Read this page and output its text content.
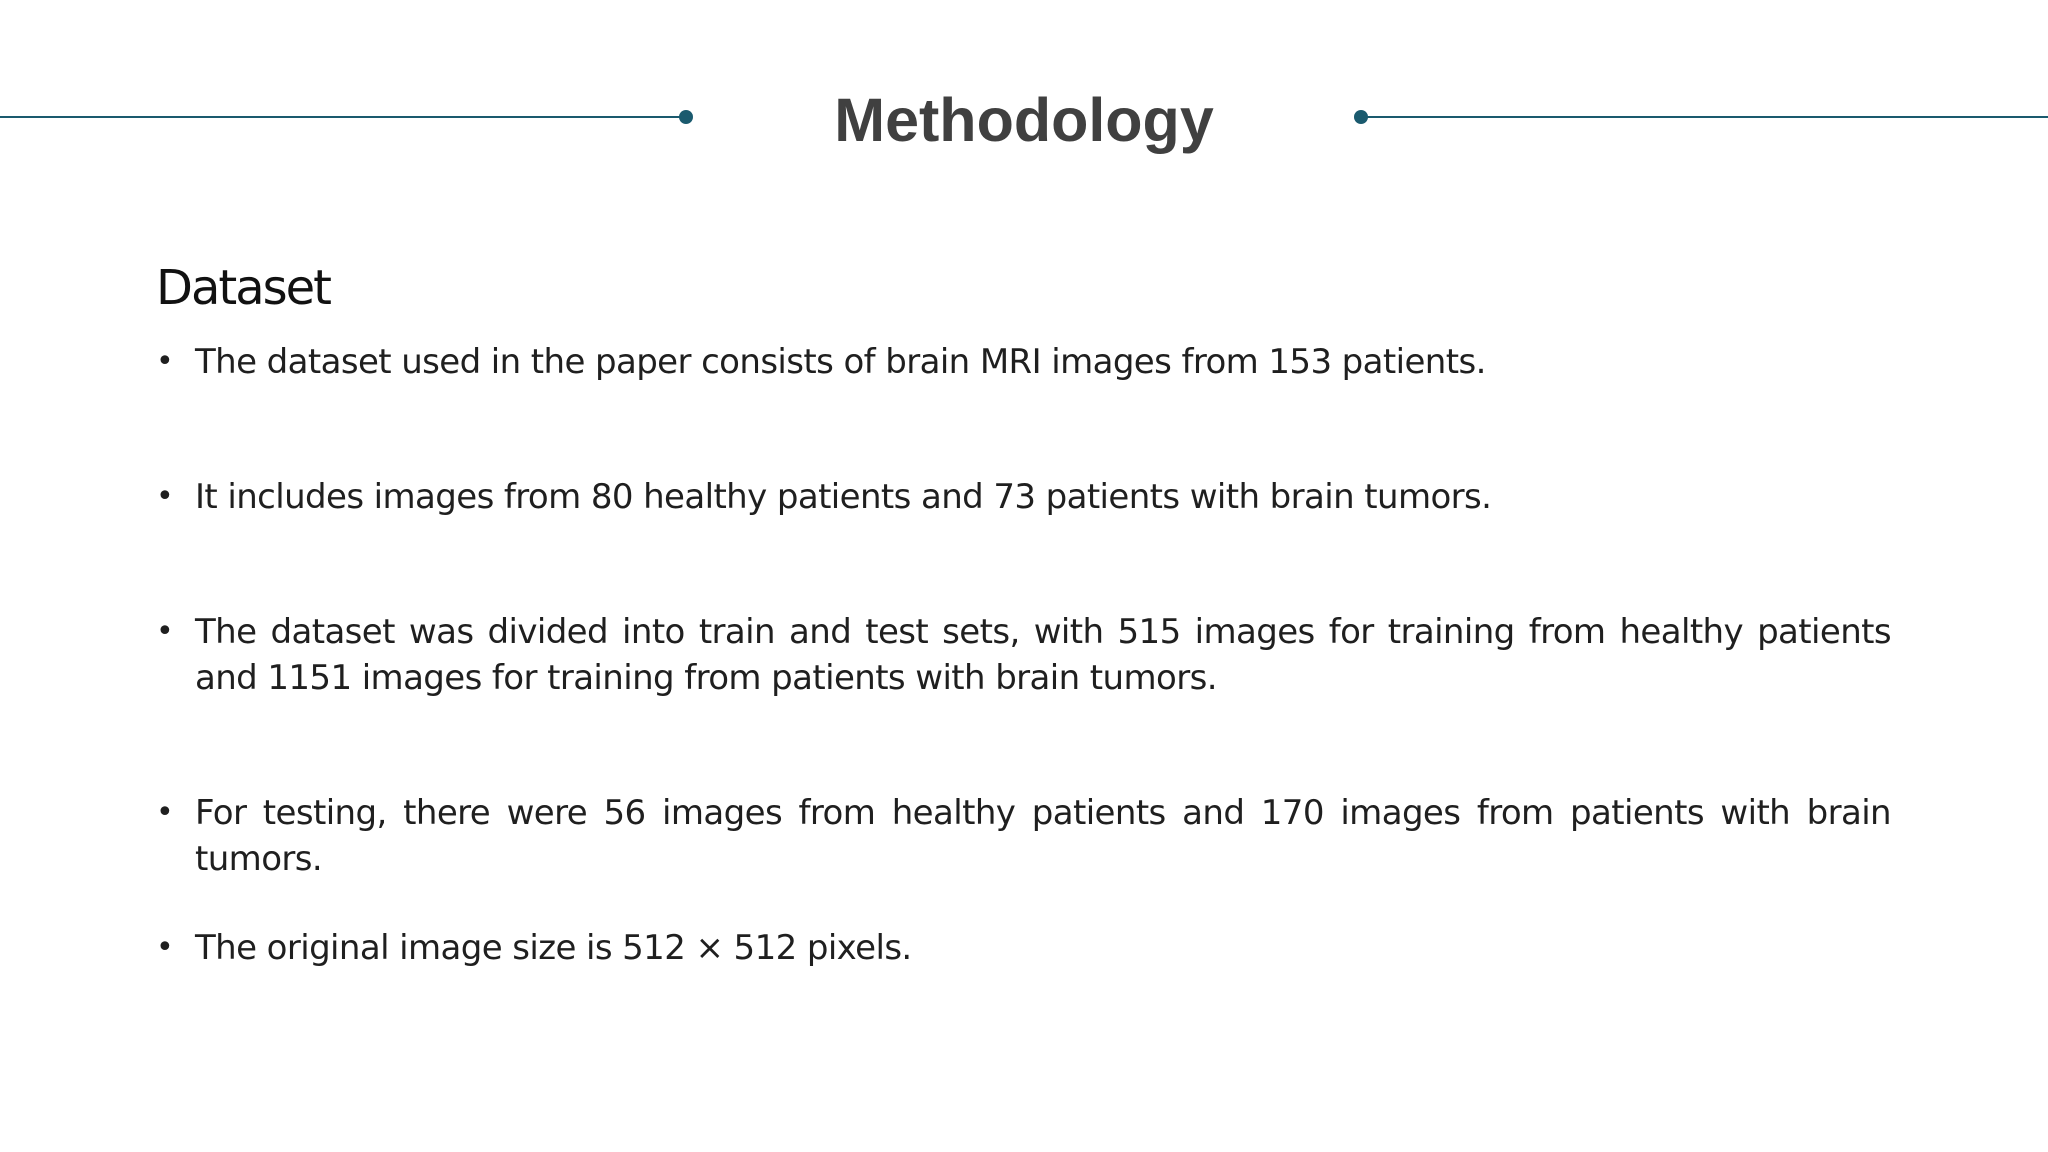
Methodology
Dataset
• The dataset used in the paper consists of brain MRI images from 153 patients.
• It includes images from 80 healthy patients and 73 patients with brain tumors.
• The dataset was divided into train and test sets, with 515 images for training from healthy patients and 1151 images for training from patients with brain tumors.
• For testing, there were 56 images from healthy patients and 170 images from patients with brain tumors.
• The original image size is 512 × 512 pixels.
